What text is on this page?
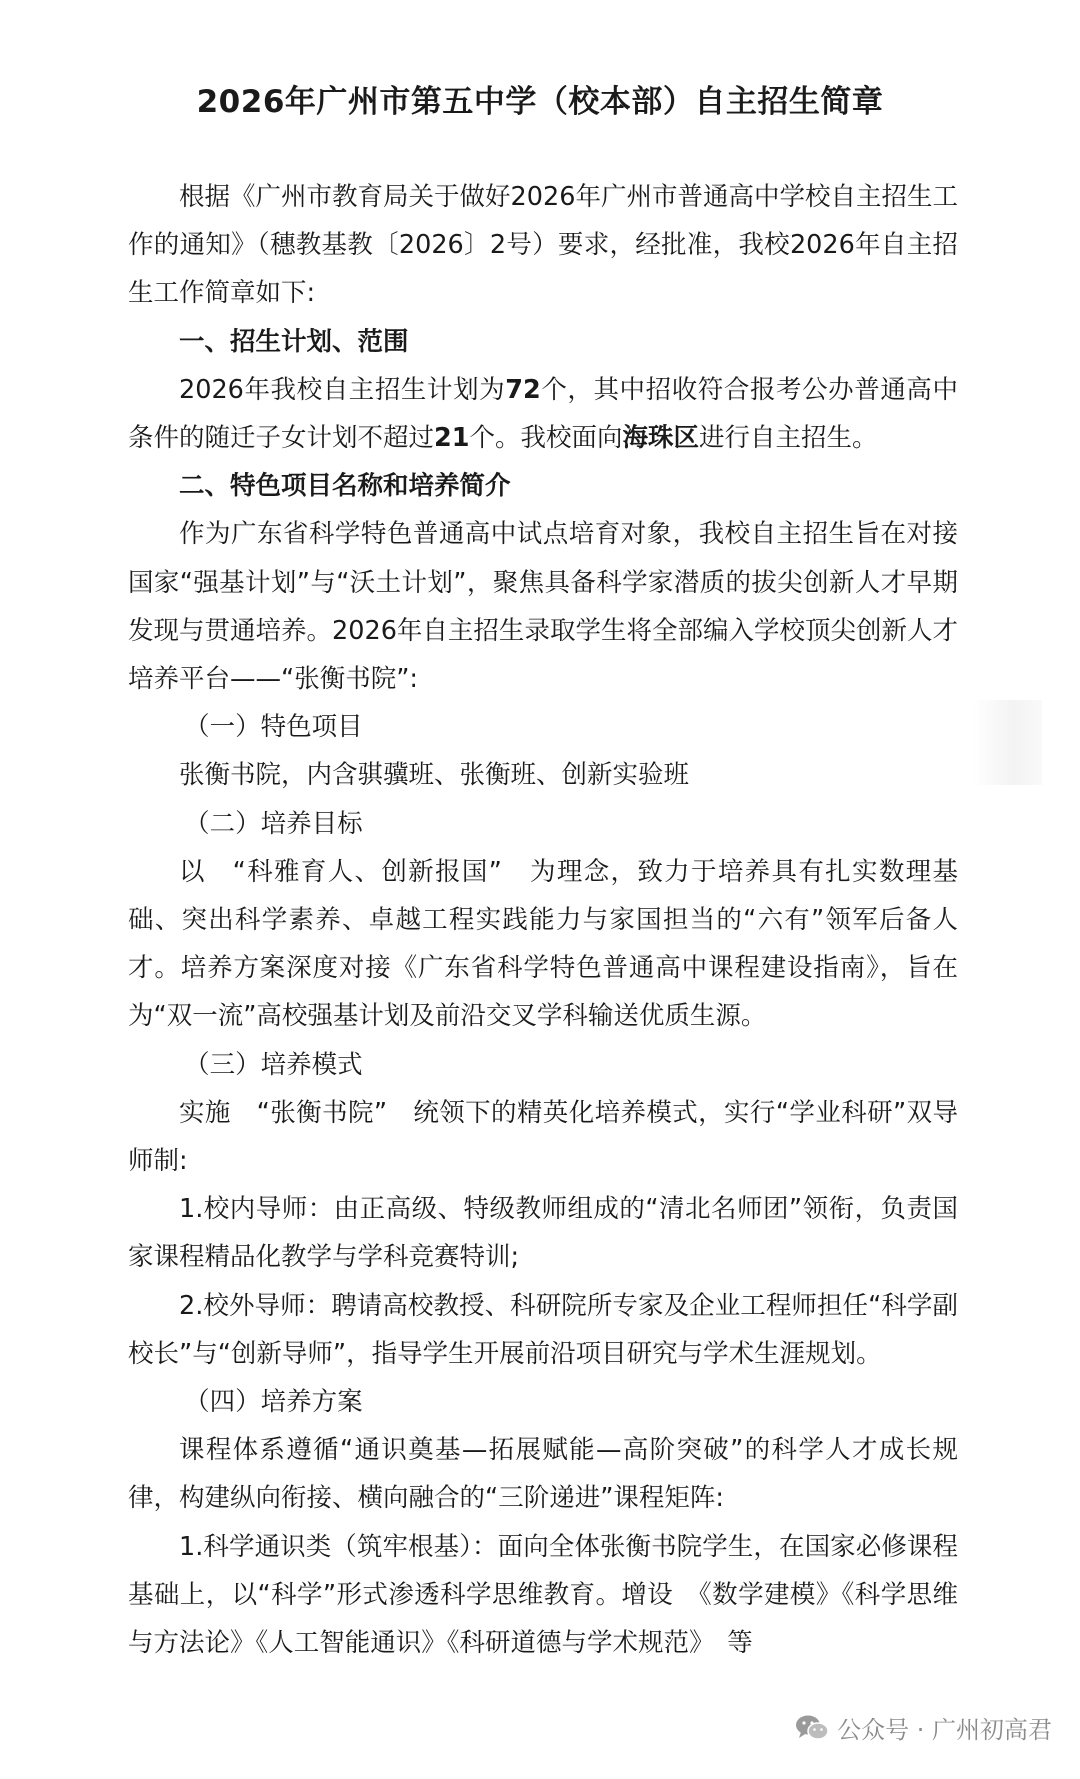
2026年广州市第五中学（校本部）自主招生简章

根据《广州市教育局关于做好2026年广州市普通高中学校自主招生工作的通知》（穗教基教〔2026〕2号）要求，经批准，我校2026年自主招生工作简章如下:

一、招生计划、范围

2026年我校自主招生计划为72个，其中招收符合报考公办普通高中条件的随迁子女计划不超过21个。我校面向海珠区进行自主招生。

二、特色项目名称和培养简介

作为广东省科学特色普通高中试点培育对象，我校自主招生旨在对接国家“强基计划”与“沃土计划”，聚焦具备科学家潜质的拔尖创新人才早期发现与贯通培养。2026年自主招生录取学生将全部编入学校顶尖创新人才培养平台——“张衡书院”:

（一）特色项目

张衡书院，内含骐骥班、张衡班、创新实验班

（二）培养目标

以　“科雅育人、创新报国”　为理念，致力于培养具有扎实数理基础、突出科学素养、卓越工程实践能力与家国担当的“六有”领军后备人才。培养方案深度对接《广东省科学特色普通高中课程建设指南》，旨在为“双一流”高校强基计划及前沿交叉学科输送优质生源。

（三）培养模式

实施　“张衡书院”　统领下的精英化培养模式，实行“学业科研”双导师制:

1.校内导师：由正高级、特级教师组成的“清北名师团”领衔，负责国家课程精品化教学与学科竞赛特训;

2.校外导师：聘请高校教授、科研院所专家及企业工程师担任“科学副校长”与“创新导师”，指导学生开展前沿项目研究与学术生涯规划。

（四）培养方案

课程体系遵循“通识奠基—拓展赋能—高阶突破”的科学人才成长规律，构建纵向衔接、横向融合的“三阶递进”课程矩阵:

1.科学通识类（筑牢根基）：面向全体张衡书院学生，在国家必修课程基础上，以“科学”形式渗透科学思维教育。增设　《数学建模》《科学思维与方法论》《人工智能通识》《科研道德与学术规范》　等

公众号 · 广州初高君
